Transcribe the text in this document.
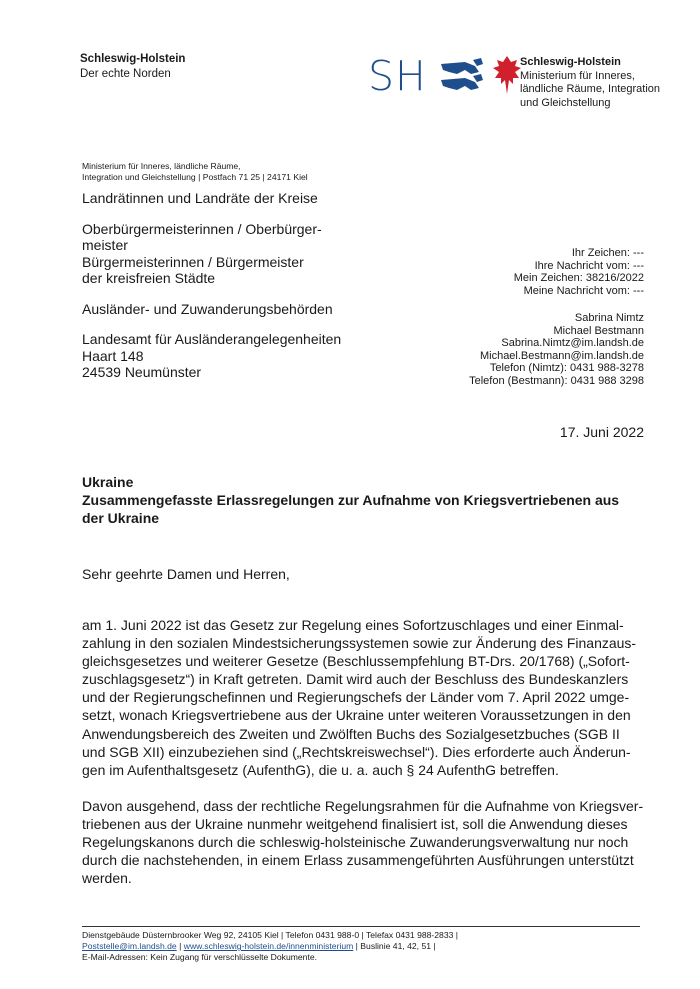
Schleswig-Holstein
Der echte Norden	SH	Schleswig-Holstein
Ministerium für Inneres,
ländliche Räume, Integration
und Gleichstellung
Ministerium für Inneres, ländliche Räume,
Integration und Gleichstellung | Postfach 71 25 | 24171 Kiel
Landrätinnen und Landräte der Kreise
Oberbürgermeisterinnen / Oberbürger-
meister
Bürgermeisterinnen / Bürgermeister
der kreisfreien Städte
Ausländer- und Zuwanderungsbehörden
Landesamt für Ausländerangelegenheiten
Haart 148
24539 Neumünster
Ihr Zeichen: ---
Ihre Nachricht vom: ---
Mein Zeichen: 38216/2022
Meine Nachricht vom: ---
Sabrina Nimtz
Michael Bestmann
Sabrina.Nimtz@im.landsh.de
Michael.Bestmann@im.landsh.de
Telefon (Nimtz): 0431 988-3278
Telefon (Bestmann): 0431 988 3298
17. Juni 2022
Ukraine
Zusammengefasste Erlassregelungen zur Aufnahme von Kriegsvertriebenen aus
der Ukraine
Sehr geehrte Damen und Herren,
am 1. Juni 2022 ist das Gesetz zur Regelung eines Sofortzuschlages und einer Einmal-
zahlung in den sozialen Mindestsicherungssystemen sowie zur Änderung des Finanzaus-
gleichsgesetzes und weiterer Gesetze (Beschlussempfehlung BT-Drs. 20/1768) („Sofort-
zuschlagsgesetz“) in Kraft getreten. Damit wird auch der Beschluss des Bundeskanzlers
und der Regierungschefinnen und Regierungschefs der Länder vom 7. April 2022 umge-
setzt, wonach Kriegsvertriebene aus der Ukraine unter weiteren Voraussetzungen in den
Anwendungsbereich des Zweiten und Zwölften Buchs des Sozialgesetzbuches (SGB II
und SGB XII) einzubeziehen sind („Rechtskreiswechsel“). Dies erforderte auch Änderun-
gen im Aufenthaltsgesetz (AufenthG), die u. a. auch § 24 AufenthG betreffen.
Davon ausgehend, dass der rechtliche Regelungsrahmen für die Aufnahme von Kriegsver-
triebenen aus der Ukraine nunmehr weitgehend finalisiert ist, soll die Anwendung dieses
Regelungskanons durch die schleswig-holsteinische Zuwanderungsverwaltung nur noch
durch die nachstehenden, in einem Erlass zusammengeführten Ausführungen unterstützt
werden.
Dienstgebäude Düsternbrooker Weg 92, 24105 Kiel | Telefon 0431 988-0 | Telefax 0431 988-2833 |
Poststelle@im.landsh.de | www.schleswig-holstein.de/innenministerium | Buslinie 41, 42, 51 |
E-Mail-Adressen: Kein Zugang für verschlüsselte Dokumente.
